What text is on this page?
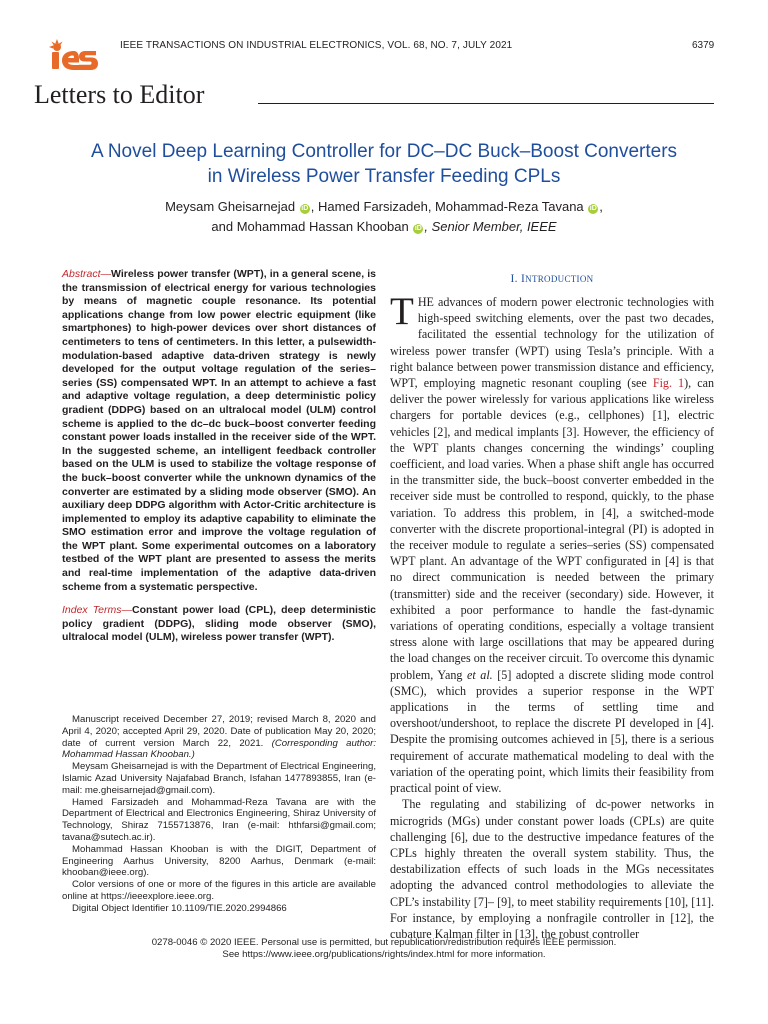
IEEE TRANSACTIONS ON INDUSTRIAL ELECTRONICS, VOL. 68, NO. 7, JULY 2021	6379
Letters to Editor
A Novel Deep Learning Controller for DC–DC Buck–Boost Converters
in Wireless Power Transfer Feeding CPLs
Meysam Gheisarnejad iD , Hamed Farsizadeh, Mohammad-Reza Tavana iD ,
and Mohammad Hassan Khooban iD , Senior Member, IEEE
Abstract—Wireless power transfer (WPT), in a general scene, is the transmission of electrical energy for various technologies by means of magnetic couple resonance. Its potential applications change from low power electric equipment (like smartphones) to high-power devices over short distances of centimeters to tens of centimeters. In this letter, a pulsewidth-modulation-based adaptive data-driven strategy is newly developed for the output voltage regulation of the series–series (SS) compensated WPT. In an attempt to achieve a fast and adaptive voltage regulation, a deep deterministic policy gradient (DDPG) based on an ultralocal model (ULM) control scheme is applied to the dc–dc buck–boost converter feeding constant power loads installed in the receiver side of the WPT. In the suggested scheme, an intelligent feedback controller based on the ULM is used to stabilize the voltage response of the buck–boost converter while the unknown dynamics of the converter are estimated by a sliding mode observer (SMO). An auxiliary deep DDPG algorithm with Actor-Critic architecture is implemented to employ its adaptive capability to eliminate the SMO estimation error and improve the voltage regulation of the WPT plant. Some experimental outcomes on a laboratory testbed of the WPT plant are presented to assess the merits and real-time implementation of the adaptive data-driven scheme from a systematic perspective.
Index Terms—Constant power load (CPL), deep deterministic policy gradient (DDPG), sliding mode observer (SMO), ultralocal model (ULM), wireless power transfer (WPT).

Manuscript received December 27, 2019; revised March 8, 2020 and April 4, 2020; accepted April 29, 2020. Date of publication May 20, 2020; date of current version March 22, 2021. (Corresponding author: Mohammad Hassan Khooban.)

Meysam Gheisarnejad is with the Department of Electrical Engineering, Islamic Azad University Najafabad Branch, Isfahan 1477893855, Iran (e-mail: me.gheisarnejad@gmail.com).

Hamed Farsizadeh and Mohammad-Reza Tavana are with the Department of Electrical and Electronics Engineering, Shiraz University of Technology, Shiraz 7155713876, Iran (e-mail: hthfarsi@gmail.com; tavana@sutech.ac.ir).

Mohammad Hassan Khooban is with the DIGIT, Department of Engineering Aarhus University, 8200 Aarhus, Denmark (e-mail: khooban@ieee.org).

Color versions of one or more of the figures in this article are available online at https://ieeexplore.ieee.org.

Digital Object Identifier 10.1109/TIE.2020.2994866

I. INTRODUCTION

THE advances of modern power electronic technologies with high-speed switching elements, over the past two decades, facilitated the essential technology for the utilization of wireless power transfer (WPT) using Tesla’s principle. With a right balance between power transmission distance and efficiency, WPT, employing magnetic resonant coupling (see Fig. 1), can deliver the power wirelessly for various applications like wireless chargers for portable devices (e.g., cellphones) [1], electric vehicles [2], and medical implants [3]. However, the efficiency of the WPT plants changes concerning the windings’ coupling coefficient, and load varies. When a phase shift angle has occurred in the transmitter side, the buck–boost converter embedded in the receiver side must be controlled to respond, quickly, to the phase variation. To address this problem, in [4], a switched-mode converter with the discrete proportional-integral (PI) is adopted in the receiver module to regulate a series–series (SS) compensated WPT plant. An advantage of the WPT configurated in [4] is that no direct communication is needed between the primary (transmitter) side and the receiver (secondary) side. However, it exhibited a poor performance to handle the fast-dynamic variations of operating conditions, especially a voltage transient stress alone with large oscillations that may be appeared during the load changes on the receiver circuit. To overcome this dynamic problem, Yang et al. [5] adopted a discrete sliding mode control (SMC), which provides a superior response in the WPT applications in the terms of settling time and overshoot/undershoot, to replace the discrete PI developed in [4]. Despite the promising outcomes achieved in [5], there is a serious requirement of accurate mathematical modeling to deal with the variation of the operating point, which limits their feasibility from practical point of view.

The regulating and stabilizing of dc-power networks in microgrids (MGs) under constant power loads (CPLs) are quite challenging [6], due to the destructive impedance features of the CPLs highly threaten the overall system stability. Thus, the destabilization effects of such loads in the MGs necessitates adopting the advanced control methodologies to alleviate the CPL’s instability [7]– [9], to meet stability requirements [10], [11]. For instance, by employing a nonfragile controller in [12], the cubature Kalman filter in [13], the robust controller

0278-0046 © 2020 IEEE. Personal use is permitted, but republication/redistribution requires IEEE permission.
See https://www.ieee.org/publications/rights/index.html for more information.
